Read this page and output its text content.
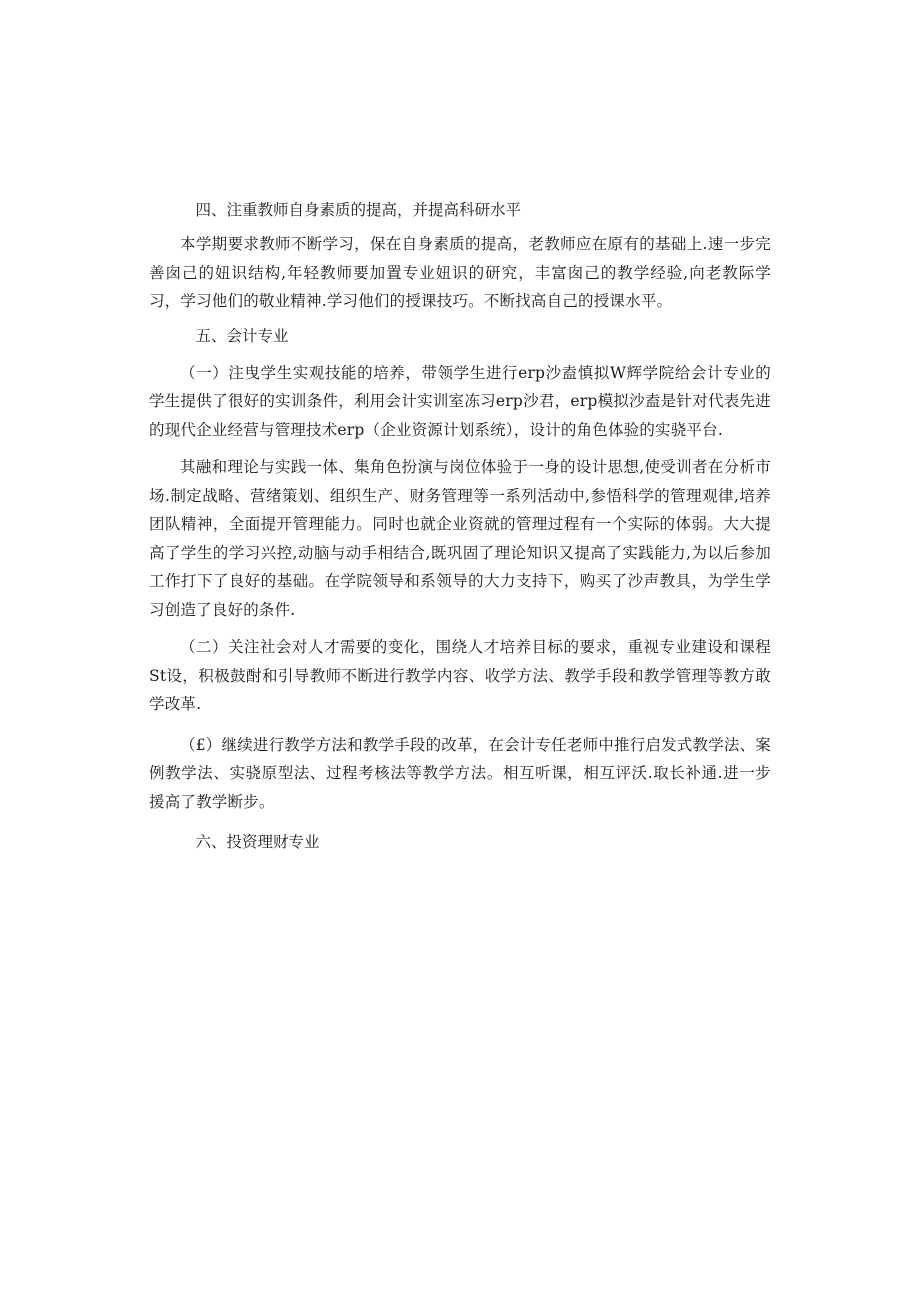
四、注重教师自身素质的提高，并提高科研水平

本学期要求教师不断学习，保在自身素质的提高，老教师应在原有的基础上.速一步完善囱己的妞识结构,年轻教师要加置专业妞识的研究，丰富囱己的教学经验,向老教际学习，学习他们的敬业精神.学习他们的授课技巧。不断找高自己的授课水平。

五、会计专业

（一）注曳学生实观技能的培养，带领学生进行erp沙盍慎拟W辉学院给会计专业的学生提供了很好的实训条件，利用会计实训室冻习erp沙君，erp模拟沙盍是针对代表先进的现代企业经营与管理技术erp（企业资源计划系统），设计的角色体验的实骁平台.

其融和理论与实践一体、集角色扮演与岗位体验于一身的设计思想,使受训者在分析市场.制定战略、营绪策划、组织生产、财务管理等一系列活动中,参悟科学的管理观律,培养团队精神，全面提开管理能力。同时也就企业资就的管理过程有一个实际的体弱。大大提高了学生的学习兴控,动脑与动手相结合,既巩固了理论知识又提高了实践能力,为以后参加工作打下了良好的基础。在学院领导和系领导的大力支持下，购买了沙声教具，为学生学习创造了良好的条件.

（二）关注社会对人才需要的变化，围绕人才培养目标的要求，重视专业建设和课程St设，积极鼓酎和引导教师不断进行教学内容、收学方法、教学手段和教学管理等教方敢学改革.

（£）继续进行教学方法和教学手段的改革，在会计专任老师中推行启发式教学法、案例教学法、实骁原型法、过程考核法等教学方法。相互听课，相互评沃.取长补通.进一步援高了教学断步。

六、投资理财专业
